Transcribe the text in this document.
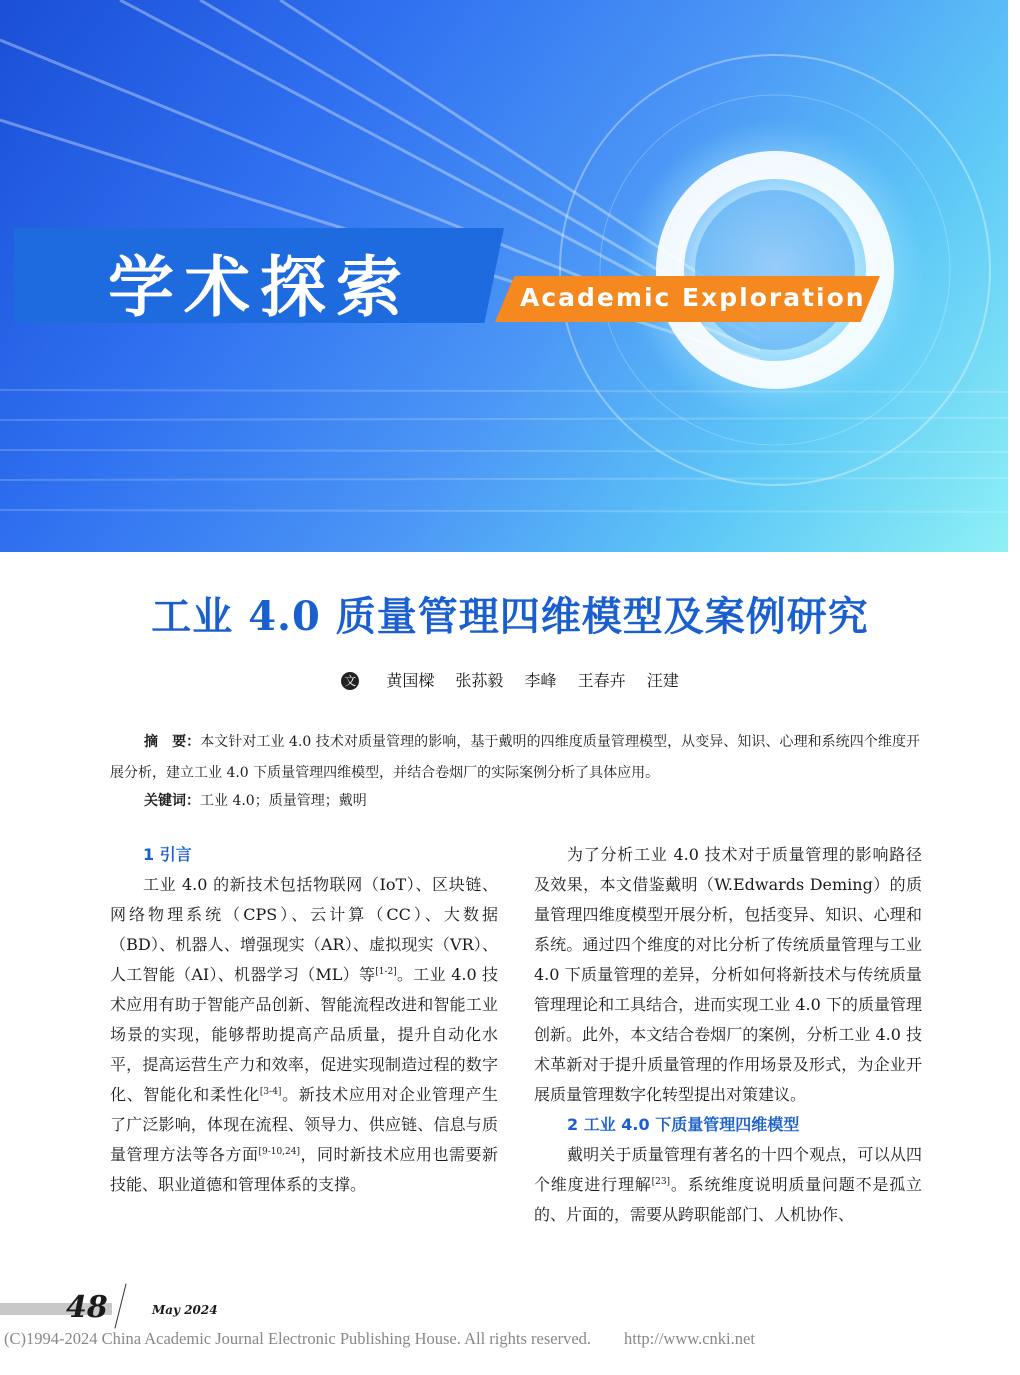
学术探索	Academic Exploration
工业 4.0 质量管理四维模型及案例研究
文 黄国樑　 张荪毅　 李峰　 王春卉　 汪建
摘　要：本文针对工业 4.0 技术对质量管理的影响，基于戴明的四维度质量管理模型，从变异、知识、心理和系统四个维度开展分析，建立工业 4.0 下质量管理四维模型，并结合卷烟厂的实际案例分析了具体应用。
关键词：工业 4.0；质量管理；戴明
1 引言

工业 4.0 的新技术包括物联网（IoT）、区块链、网络物理系统（CPS）、云计算（CC）、大数据（BD）、机器人、增强现实（AR）、虚拟现实（VR）、人工智能（AI）、机器学习（ML）等[1-2]。工业 4.0 技术应用有助于智能产品创新、智能流程改进和智能工业场景的实现，能够帮助提高产品质量，提升自动化水平，提高运营生产力和效率，促进实现制造过程的数字化、智能化和柔性化[3-4]。新技术应用对企业管理产生了广泛影响，体现在流程、领导力、供应链、信息与质量管理方法等各方面[9-10,24]，同时新技术应用也需要新技能、职业道德和管理体系的支撑。

为了分析工业 4.0 技术对于质量管理的影响路径及效果，本文借鉴戴明（W.Edwards Deming）的质量管理四维度模型开展分析，包括变异、知识、心理和系统。通过四个维度的对比分析了传统质量管理与工业 4.0 下质量管理的差异，分析如何将新技术与传统质量管理理论和工具结合，进而实现工业 4.0 下的质量管理创新。此外，本文结合卷烟厂的案例，分析工业 4.0 技术革新对于提升质量管理的作用场景及形式，为企业开展质量管理数字化转型提出对策建议。

2 工业 4.0 下质量管理四维模型

戴明关于质量管理有著名的十四个观点，可以从四个维度进行理解[23]。系统维度说明质量问题不是孤立的、片面的，需要从跨职能部门、人机协作、

48	May 2024
(C)1994-2024 China Academic Journal Electronic Publishing House. All rights reserved.　　http://www.cnki.net
